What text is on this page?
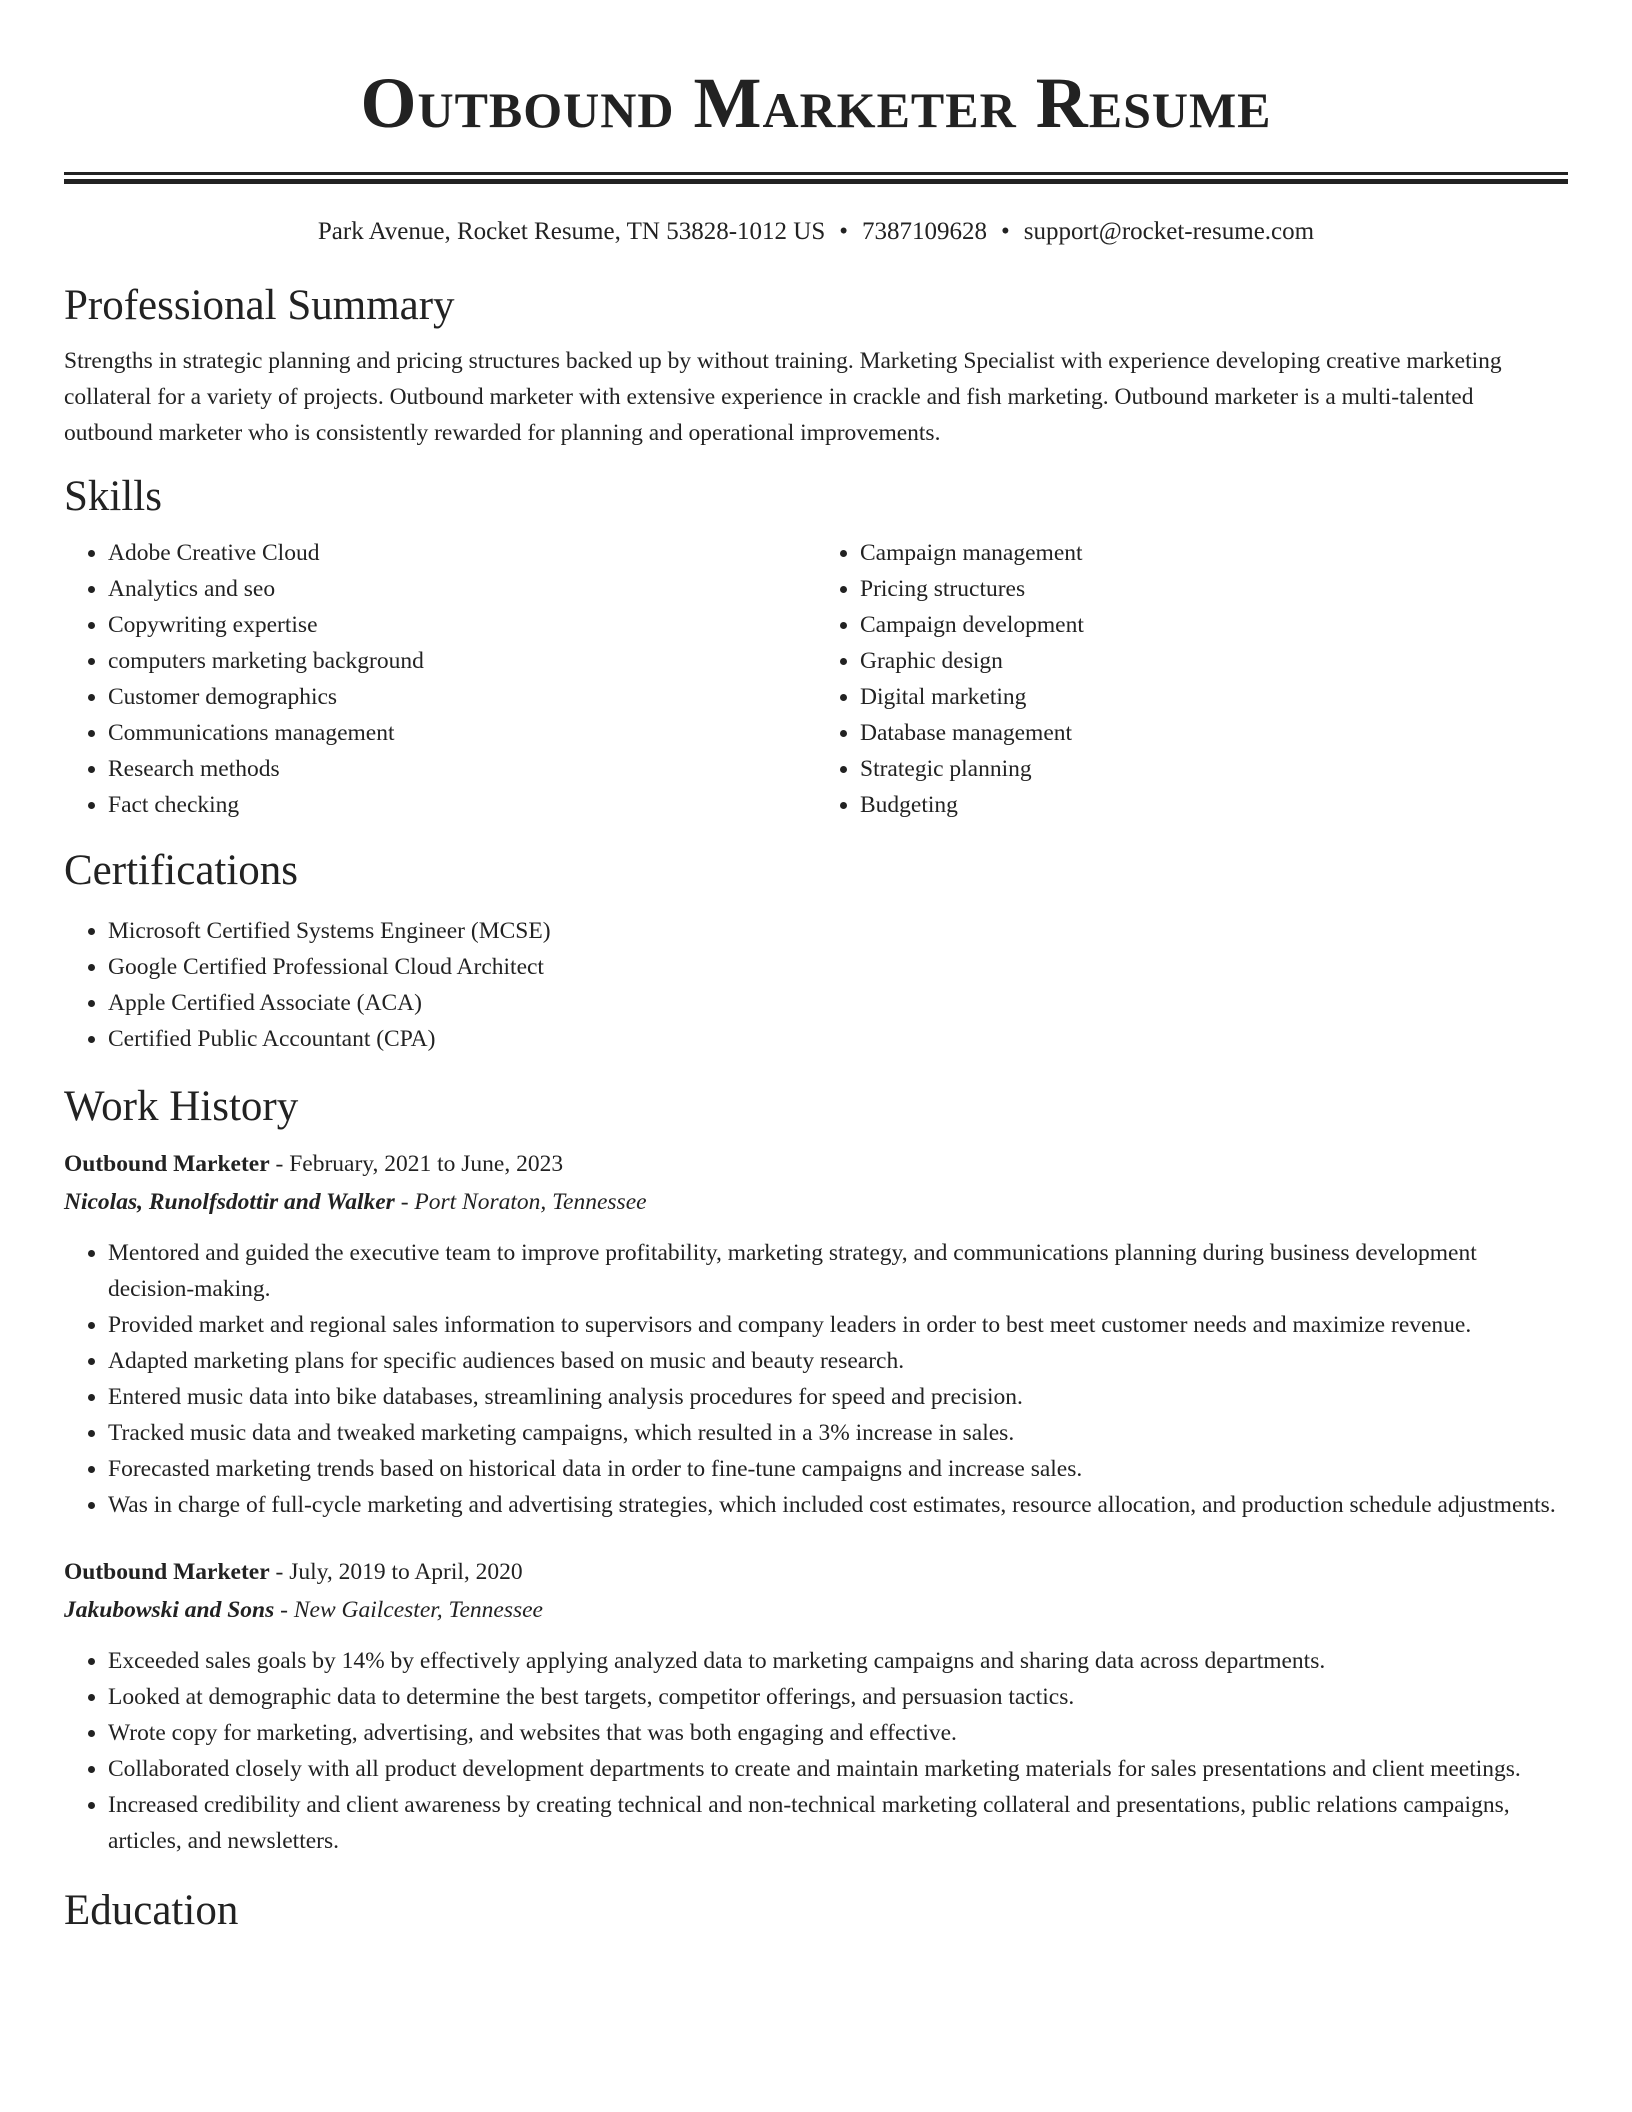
Outbound Marketer Resume
Park Avenue, Rocket Resume, TN 53828-1012 US • 7387109628 • support@rocket-resume.com
Professional Summary

Strengths in strategic planning and pricing structures backed up by without training. Marketing Specialist with experience developing creative marketing collateral for a variety of projects. Outbound marketer with extensive experience in crackle and fish marketing. Outbound marketer is a multi-talented outbound marketer who is consistently rewarded for planning and operational improvements.

Skills
• Adobe Creative Cloud
• Analytics and seo
• Copywriting expertise
• computers marketing background
• Customer demographics
• Communications management
• Research methods
• Fact checking
• Campaign management
• Pricing structures
• Campaign development
• Graphic design
• Digital marketing
• Database management
• Strategic planning
• Budgeting
Certifications
• Microsoft Certified Systems Engineer (MCSE)
• Google Certified Professional Cloud Architect
• Apple Certified Associate (ACA)
• Certified Public Accountant (CPA)
Work History
Outbound Marketer - February, 2021 to June, 2023
Nicolas, Runolfsdottir and Walker - Port Noraton, Tennessee
• Mentored and guided the executive team to improve profitability, marketing strategy, and communications planning during business development decision-making.
• Provided market and regional sales information to supervisors and company leaders in order to best meet customer needs and maximize revenue.
• Adapted marketing plans for specific audiences based on music and beauty research.
• Entered music data into bike databases, streamlining analysis procedures for speed and precision.
• Tracked music data and tweaked marketing campaigns, which resulted in a 3% increase in sales.
• Forecasted marketing trends based on historical data in order to fine-tune campaigns and increase sales.
• Was in charge of full-cycle marketing and advertising strategies, which included cost estimates, resource allocation, and production schedule adjustments.
Outbound Marketer - July, 2019 to April, 2020
Jakubowski and Sons - New Gailcester, Tennessee
• Exceeded sales goals by 14% by effectively applying analyzed data to marketing campaigns and sharing data across departments.
• Looked at demographic data to determine the best targets, competitor offerings, and persuasion tactics.
• Wrote copy for marketing, advertising, and websites that was both engaging and effective.
• Collaborated closely with all product development departments to create and maintain marketing materials for sales presentations and client meetings.
• Increased credibility and client awareness by creating technical and non-technical marketing collateral and presentations, public relations campaigns, articles, and newsletters.
Education
